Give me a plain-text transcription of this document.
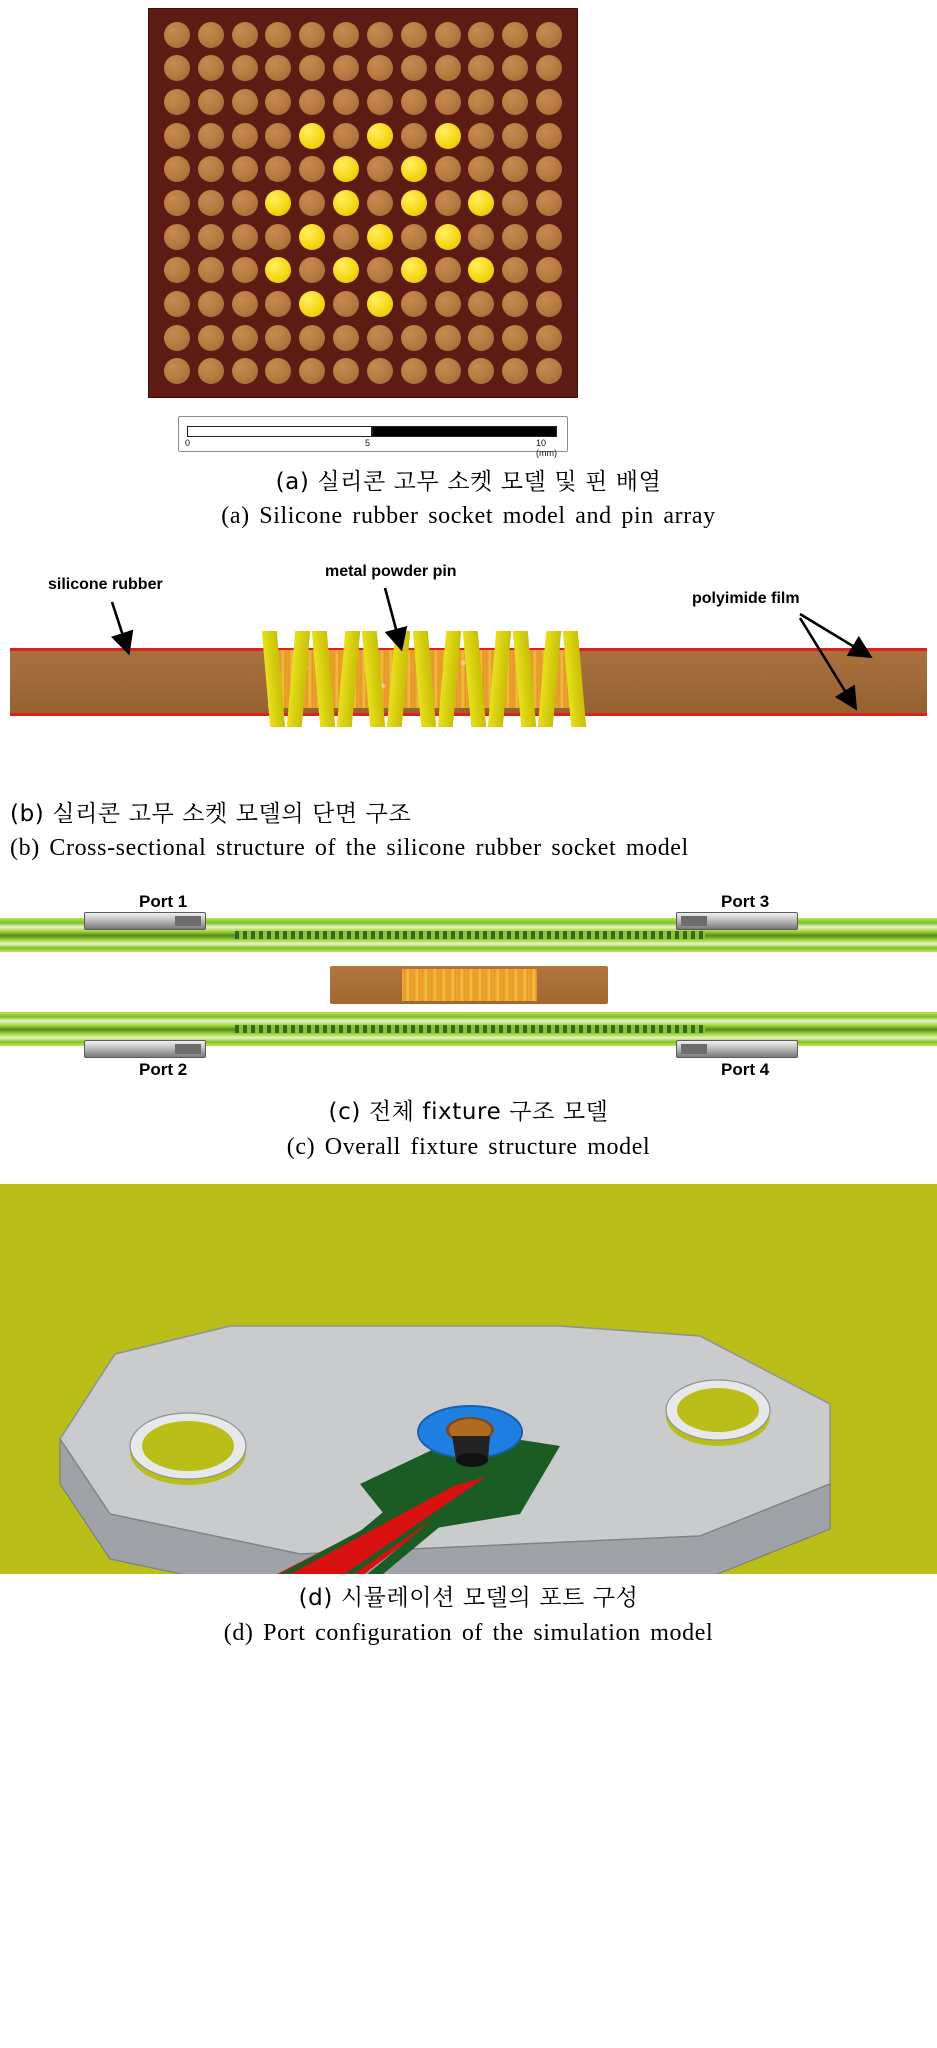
0	5	10 (mm)
(a) 실리콘 고무 소켓 모델 및 핀 배열
(a) Silicone rubber socket model and pin array
silicone rubber
metal powder pin
polyimide film
(b) 실리콘 고무 소켓 모델의 단면 구조
(b) Cross-sectional structure of the silicone rubber socket model
Port 1	Port 3
Port 2	Port 4
(c) 전체 fixture 구조 모델
(c) Overall fixture structure model
(d) 시뮬레이션 모델의 포트 구성
(d) Port configuration of the simulation model
